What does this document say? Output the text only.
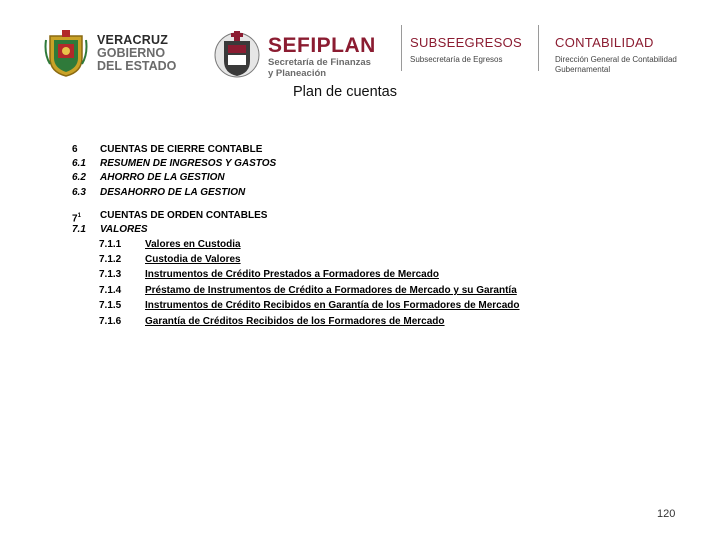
VERACRUZ
GOBIERNO
DEL ESTADO
SEFIPLAN
Secretaría de Finanzas
y Planeación
SUBSEEGRESOS
Subsecretaría de Egresos
CONTABILIDAD
Dirección General de Contabilidad Gubernamental
Plan de cuentas
6 CUENTAS DE CIERRE CONTABLE
6.1 RESUMEN DE INGRESOS Y GASTOS
6.2 AHORRO DE LA GESTION
6.3 DESAHORRO DE LA GESTION
$7^1$ CUENTAS DE ORDEN CONTABLES
7.1 VALORES
7.1.1 Valores en Custodia
7.1.2 Custodia de Valores
7.1.3 Instrumentos de Crédito Prestados a Formadores de Mercado
7.1.4 Préstamo de Instrumentos de Crédito a Formadores de Mercado y su Garantía
7.1.5 Instrumentos de Crédito Recibidos en Garantía de los Formadores de Mercado
7.1.6 Garantía de Créditos Recibidos de los Formadores de Mercado
120
